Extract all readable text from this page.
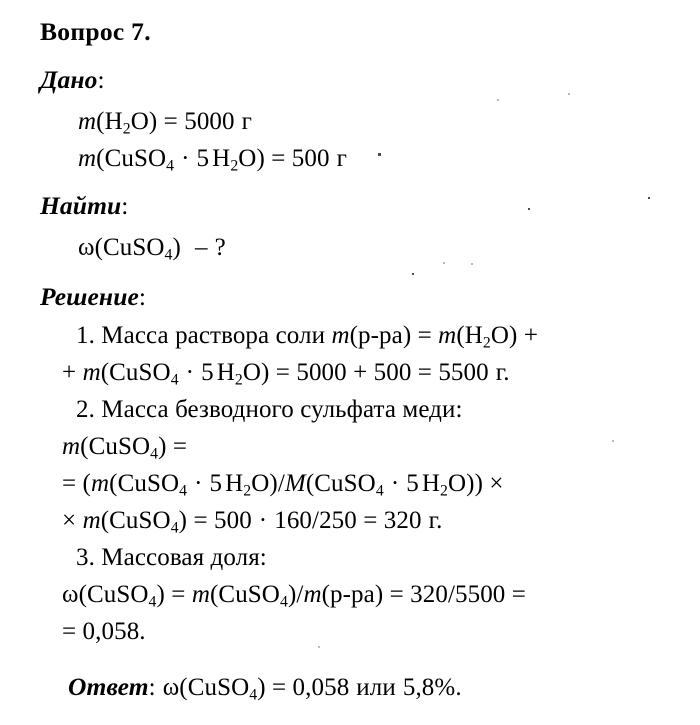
Вопрос 7.
Дано:
$m(H_2O) = 5000$ г
m(CuSO$_4$ · 5 $H_2O) = 500$ г
Найти:
ω(CuSO$_4$) – ?
Решение:
1. Масса раствора соли $m(р-ра) = m(H_2O)$ +
+ m(CuSO$_4$ · 5 $H_2O) = 5000 + 500 = 5500$ г.
2. Масса безводного сульфата меди:
m(CuSO$_4$) =
= (m(CuSO$_4$ · 5 $H_2O)/M(CuSO_4 \cdot 5$ $H_2O$)) ×
× m(CuSO$_4$) = 500 · 160/250 = 320 г.
3. Массовая доля:
ω(CuSO$_4$) = m(CuSO$_4$)/m(р-ра) = 320/5500 =
= 0,058.
Ответ: ω(CuSO$_4$) = 0,058 или 5,8%.
